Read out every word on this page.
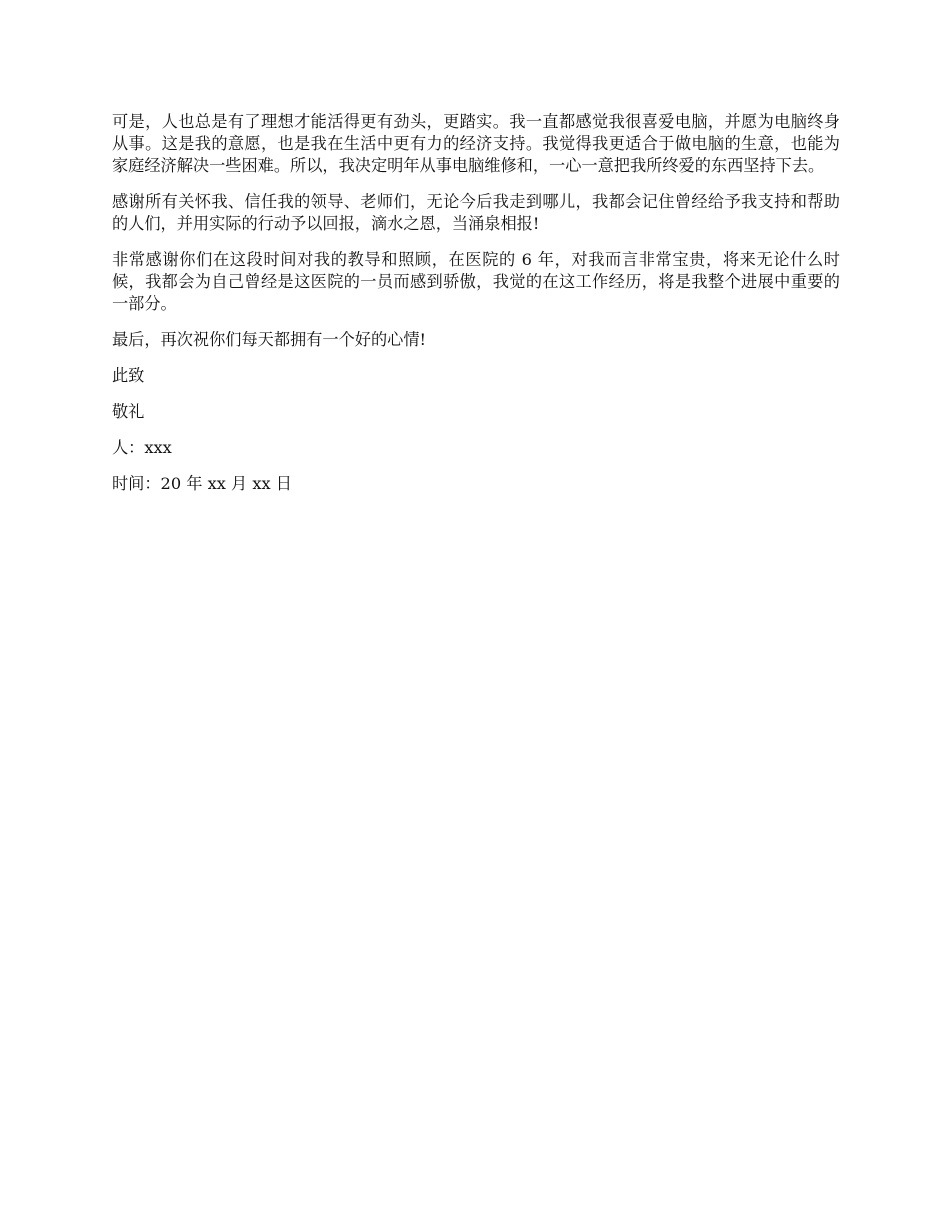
可是，人也总是有了理想才能活得更有劲头，更踏实。我一直都感觉我很喜爱电脑，并愿为电脑终身从事。这是我的意愿，也是我在生活中更有力的经济支持。我觉得我更适合于做电脑的生意，也能为家庭经济解决一些困难。所以，我决定明年从事电脑维修和，一心一意把我所终爱的东西坚持下去。

感谢所有关怀我、信任我的领导、老师们，无论今后我走到哪儿，我都会记住曾经给予我支持和帮助的人们，并用实际的行动予以回报，滴水之恩，当涌泉相报!

非常感谢你们在这段时间对我的教导和照顾，在医院的 6 年，对我而言非常宝贵，将来无论什么时候，我都会为自己曾经是这医院的一员而感到骄傲，我觉的在这工作经历，将是我整个进展中重要的一部分。

最后，再次祝你们每天都拥有一个好的心情!

此致

敬礼

人：xxx

时间：20 年 xx 月 xx 日
